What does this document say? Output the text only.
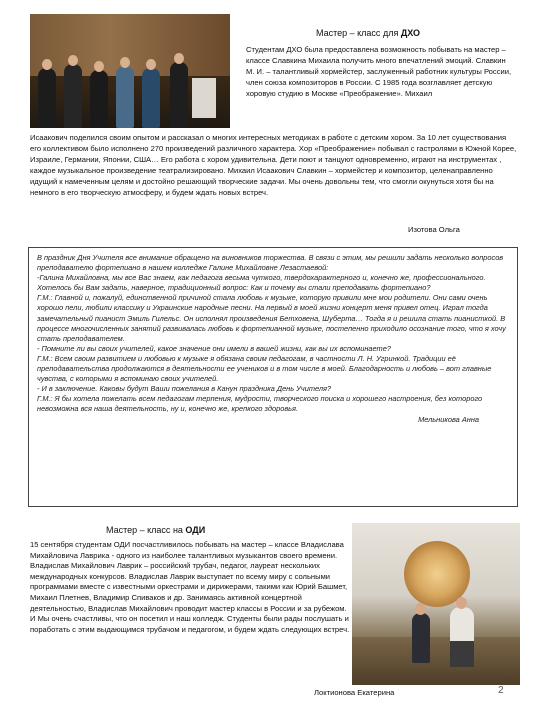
Мастер – класс для ДХО
Студентам ДХО была предоставлена возможность побывать на мастер – классе Славкина Михаила получить много впечатлений эмоций. Славкин М. И. – талантливый хормейстер, заслуженный работник культуры России, член союза композиторов в России. С 1985 года возглавляет детскую хоровую студию в Москве «Преображение». Михаил
Исаакович поделился своим опытом и рассказал о многих интересных методиках в работе с детским хором. За 10 лет существования его коллективом было исполнено 270 произведений различного характера. Хор «Преображение» побывал с гастролями в Южной Корее, Израиле, Германии, Японии, США… Его работа с хором удивительна. Дети поют и танцуют одновременно, играют на инструментах , каждое музыкальное произведение театрализировано. Михаил Исаакович Славкин – хормейстер и композитор, целенаправленно идущий к намеченным целям и достойно решающий творческие задачи. Мы очень довольны тем, что смогли окунуться хотя бы на немного в его творческую атмосферу, и будем ждать новых встреч.
Изотова Ольга

В праздник Дня Учителя все внимание обращено на виновников торжества. В связи с этим, мы решили задать несколько вопросов преподавателю фортепиано в нашем колледже Галине Михайловне Лезастаевой:

-Галина Михайловна, мы все Вас знаем, как педагога весьма чуткого, твердохарактерного и, конечно же, профессионального. Хотелось бы Вам задать, наверное, традиционный вопрос: Как и почему вы стали преподавать фортепиано?

Г.М.: Главной и, пожалуй, единственной причиной стала любовь к музыке, которую привили мне мои родители. Они сами очень хорошо пели, любили классику и Украинские народные песни. На первый в моей жизни концерт меня привел отец. Играл тогда замечательный пианист Эмиль Гилельс. Он исполнял произведения Бетховена, Шуберта… Тогда я и решила стать пианисткой. В процессе многочисленных занятий развивалась любовь к фортепианной музыке, постепенно приходило осознание того, что я хочу стать преподавателем.

- Помните ли вы своих учителей, какое значение они имели в вашей жизни, как вы их вспоминаете?

Г.М.: Всем своим развитием и любовью к музыке я обязана своим педагогам, в частности Л. Н. Угринкой. Традиции её преподавательства продолжаются в деятельности ее учеников и в том числе в моей. Благодарность и любовь – вот главные чувства, с которыми я вспоминаю своих учителей.

- И в заключение. Каковы будут Ваши пожелания в Канун праздника День Учителя?

Г.М.: Я бы хотела пожелать всем педагогам терпения, мудрости, творческого поиска и хорошего настроения, без которого невозможна вся наша деятельность, ну и, конечно же, крепкого здоровья.

Мельникова Анна

Мастер – класс на ОДИ
15 сентября студентам ОДИ посчастливилось побывать на мастер – классе Владислава Михайловича Лаврика - одного из наиболее талантливых музыкантов своего времени. Владислав Михайлович Лаврик – российский трубач, педагог, лауреат нескольких международных конкурсов. Владислав Лаврик выступает по всему миру с сольными программами вместе с известными оркестрами и дирижерами, такими как Юрий Башмет, Михаил Плетнев, Владимир Спиваков и др. Занимаясь активной концертной деятельностью, Владислав Михайлович проводит мастер классы в России и за рубежом. И Мы очень счастливы, что он посетил и наш колледж. Студенты были рады послушать и поработать с этим выдающимся трубачом и педагогом, и будем ждать следующих встреч.
Локтионова Екатерина	2
